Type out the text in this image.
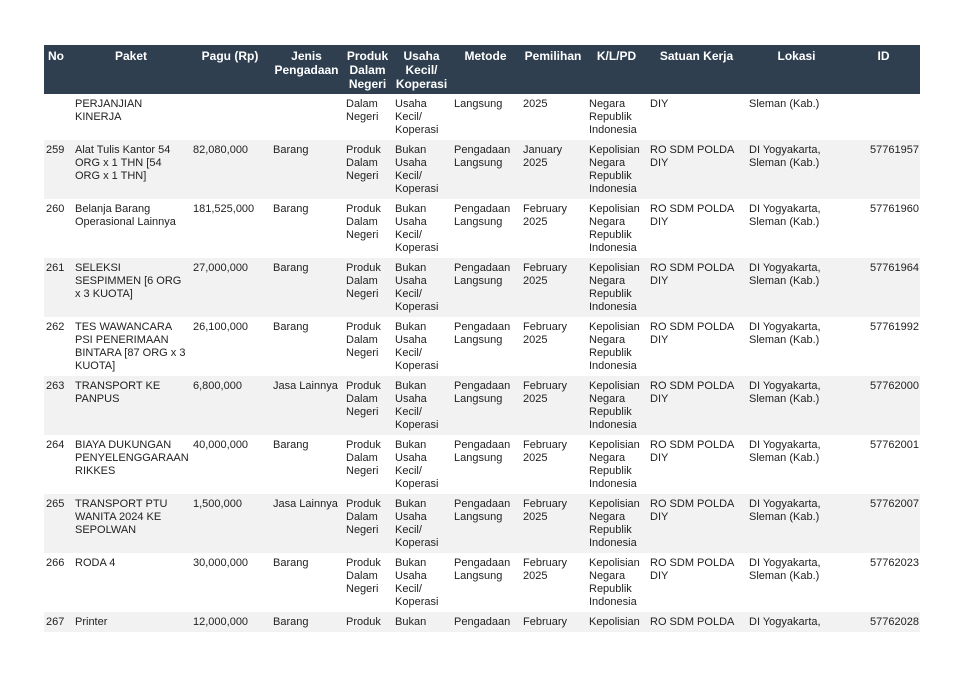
No	Paket	Pagu (Rp)	Jenis Pengadaan	Produk Dalam Negeri	Usaha Kecil/ Koperasi	Metode	Pemilihan	K/L/PD	Satuan Kerja	Lokasi	ID
	PERJANJIAN KINERJA			Dalam Negeri	Usaha Kecil/ Koperasi	Langsung	2025	Negara Republik Indonesia	DIY	Sleman (Kab.)	
259	Alat Tulis Kantor 54 ORG x 1 THN [54 ORG x 1 THN]	82,080,000	Barang	Produk Dalam Negeri	Bukan Usaha Kecil/ Koperasi	Pengadaan Langsung	January 2025	Kepolisian Negara Republik Indonesia	RO SDM POLDA DIY	DI Yogyakarta, Sleman (Kab.)	57761957
260	Belanja Barang Operasional Lainnya	181,525,000	Barang	Produk Dalam Negeri	Bukan Usaha Kecil/ Koperasi	Pengadaan Langsung	February 2025	Kepolisian Negara Republik Indonesia	RO SDM POLDA DIY	DI Yogyakarta, Sleman (Kab.)	57761960
261	SELEKSI SESPIMMEN [6 ORG x 3 KUOTA]	27,000,000	Barang	Produk Dalam Negeri	Bukan Usaha Kecil/ Koperasi	Pengadaan Langsung	February 2025	Kepolisian Negara Republik Indonesia	RO SDM POLDA DIY	DI Yogyakarta, Sleman (Kab.)	57761964
262	TES WAWANCARA PSI PENERIMAAN BINTARA [87 ORG x 3 KUOTA]	26,100,000	Barang	Produk Dalam Negeri	Bukan Usaha Kecil/ Koperasi	Pengadaan Langsung	February 2025	Kepolisian Negara Republik Indonesia	RO SDM POLDA DIY	DI Yogyakarta, Sleman (Kab.)	57761992
263	TRANSPORT KE PANPUS	6,800,000	Jasa Lainnya	Produk Dalam Negeri	Bukan Usaha Kecil/ Koperasi	Pengadaan Langsung	February 2025	Kepolisian Negara Republik Indonesia	RO SDM POLDA DIY	DI Yogyakarta, Sleman (Kab.)	57762000
264	BIAYA DUKUNGAN PENYELENGGARAAN RIKKES	40,000,000	Barang	Produk Dalam Negeri	Bukan Usaha Kecil/ Koperasi	Pengadaan Langsung	February 2025	Kepolisian Negara Republik Indonesia	RO SDM POLDA DIY	DI Yogyakarta, Sleman (Kab.)	57762001
265	TRANSPORT PTU WANITA 2024 KE SEPOLWAN	1,500,000	Jasa Lainnya	Produk Dalam Negeri	Bukan Usaha Kecil/ Koperasi	Pengadaan Langsung	February 2025	Kepolisian Negara Republik Indonesia	RO SDM POLDA DIY	DI Yogyakarta, Sleman (Kab.)	57762007
266	RODA 4	30,000,000	Barang	Produk Dalam Negeri	Bukan Usaha Kecil/ Koperasi	Pengadaan Langsung	February 2025	Kepolisian Negara Republik Indonesia	RO SDM POLDA DIY	DI Yogyakarta, Sleman (Kab.)	57762023
267	Printer	12,000,000	Barang	Produk	Bukan	Pengadaan	February	Kepolisian	RO SDM POLDA	DI Yogyakarta,	57762028
